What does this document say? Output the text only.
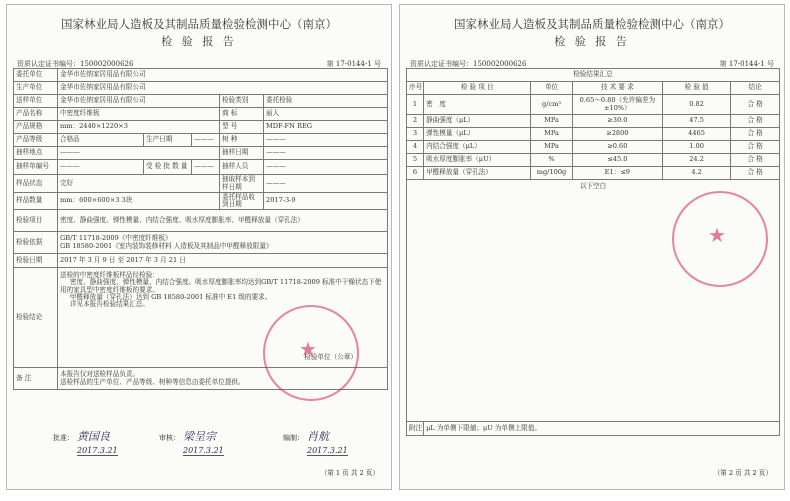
国家林业局人造板及其制品质量检验检测中心（南京）
检 验 报 告
资质认定证书编号：150002000626	第 17-0144-1 号
委托单位	金华市佐纳家居用品有限公司				
生产单位	金华市佐纳家居用品有限公司				
送样单位	金华市佐纳家居用品有限公司			检验类别	委托检验
产品名称	中密度纤维板			商 标	丽人
产品规格	mm：2440×1220×3			型 号	MDF-FN REG
产品等级	合格品	生产日期	———	树 种	———
抽样地点	———			抽样日期	———
抽样单编号	———	受 检 批 数 量	———	抽样人员	———
样品状态	完好			抽取样本到样日期	———
样品数量	mm：600×600×3 3块			委托样品收到日期	2017-3-9
检验项目	密度、静曲强度、弹性模量、内结合强度、吸水厚度膨胀率、甲醛释放量（穿孔法）				
检验依据	GB/T 11718-2009《中密度纤维板》
GB 18580-2001《室内装饰装修材料 人造板及其制品中甲醛释放限量》				

检验日期	2017 年 3 月 9 日 至 2017 年 3 月 21 日				
检验结论	送检的中密度纤维板样品经检验：
密度、静曲强度、弹性模量、内结合强度、吸水厚度膨胀率均达到GB/T 11718-2009 标准中干燥状态下使用的家具型中密度纤维板的要求。
甲醛释放量（穿孔法）达到 GB 18580-2001 标准中 E1 级的要求。
详见本报告检验结果汇总。
检验单位（公章）				

备 注	本报告仅对送检样品负责。
送检样品的生产单位、产品等级、树种等信息由委托单位提供。				
★
批准： 黄国良	审核： 梁呈宗	编制： 肖航
2017.3.21	2017.3.21	2017.3.21
（第 1 页 共 2 页）
国家林业局人造板及其制品质量检验检测中心（南京）
检 验 报 告
资质认定证书编号：150002000626	第 17-0144-1 号
检验结果汇总					
序号	检 验 项 目	单位	技 术 要 求	检 验 值	结论
1	密　度	g/cm³	0.65～0.80（允许偏差为±10%）	0.82	合 格
2	静曲强度（μL）	MPa	≥30.0	47.5	合 格
3	弹性模量（μL）	MPa	≥2800	4465	合 格
4	内结合强度（μL）	MPa	≥0.60	1.00	合 格
5	吸水厚度膨胀率（μU）	%	≤45.0	24.2	合 格
6	甲醛释放量（穿孔法）	mg/100g	E1：≤9	4.2	合 格
以下空白					

附注	μL 为单侧下限値；μU 为单侧上限值。				
★
（第 2 页 共 2 页）
